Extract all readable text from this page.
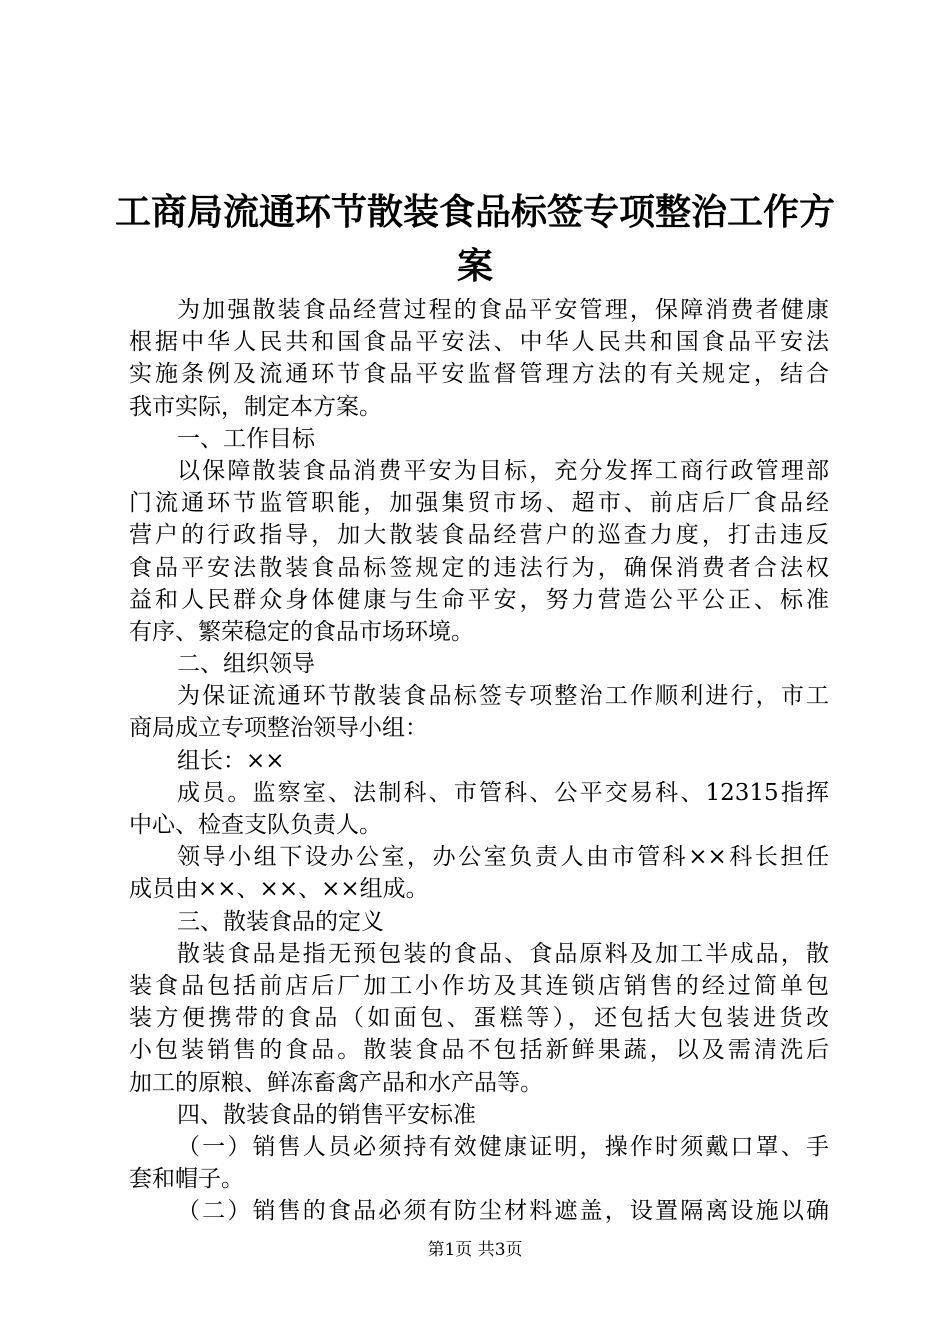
工商局流通环节散装食品标签专项整治工作方
案
为加强散装食品经营过程的食品平安管理，保障消费者健康
根据中华人民共和国食品平安法、中华人民共和国食品平安法
实施条例及流通环节食品平安监督管理方法的有关规定，结合
我市实际，制定本方案。
一、工作目标
以保障散装食品消费平安为目标，充分发挥工商行政管理部
门流通环节监管职能，加强集贸市场、超市、前店后厂食品经
营户的行政指导，加大散装食品经营户的巡查力度，打击违反
食品平安法散装食品标签规定的违法行为，确保消费者合法权
益和人民群众身体健康与生命平安，努力营造公平公正、标准
有序、繁荣稳定的食品市场环境。
二、组织领导
为保证流通环节散装食品标签专项整治工作顺利进行，市工
商局成立专项整治领导小组：
组长：××
成员。监察室、法制科、市管科、公平交易科、12315指挥
中心、检查支队负责人。
领导小组下设办公室，办公室负责人由市管科××科长担任
成员由××、××、××组成。
三、散装食品的定义
散装食品是指无预包装的食品、食品原料及加工半成品，散
装食品包括前店后厂加工小作坊及其连锁店销售的经过简单包
装方便携带的食品（如面包、蛋糕等），还包括大包装进货改
小包装销售的食品。散装食品不包括新鲜果蔬，以及需清洗后
加工的原粮、鲜冻畜禽产品和水产品等。
四、散装食品的销售平安标准
（一）销售人员必须持有效健康证明，操作时须戴口罩、手
套和帽子。
（二）销售的食品必须有防尘材料遮盖，设置隔离设施以确
第1页 共3页
